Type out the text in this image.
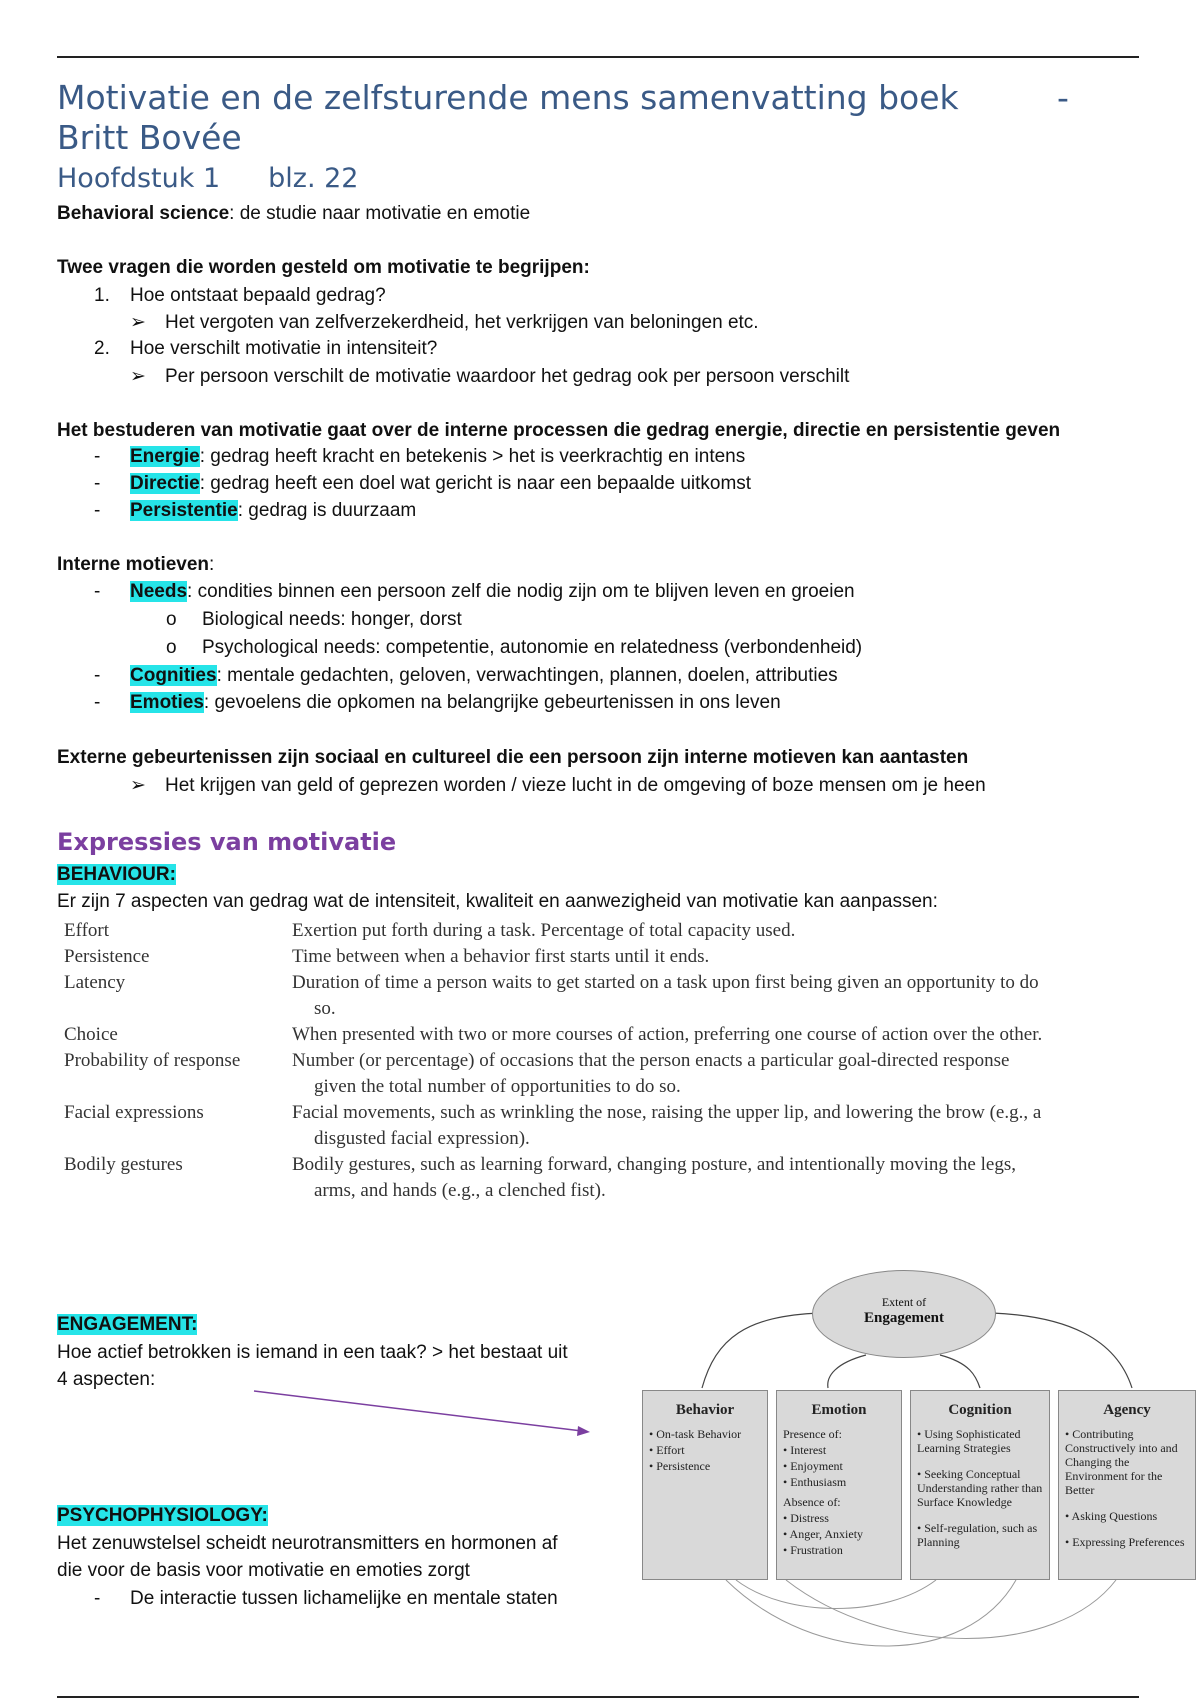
Motivatie en de zelfsturende mens samenvatting boek	-

Britt Bovée
Hoofdstuk 1 blz. 22
Behavioral science: de studie naar motivatie en emotie
Twee vragen die worden gesteld om motivatie te begrijpen:
1. Hoe ontstaat bepaald gedrag?
➢ Het vergoten van zelfverzekerdheid, het verkrijgen van beloningen etc.
2. Hoe verschilt motivatie in intensiteit?
➢ Per persoon verschilt de motivatie waardoor het gedrag ook per persoon verschilt
Het bestuderen van motivatie gaat over de interne processen die gedrag energie, directie en persistentie geven
- Energie: gedrag heeft kracht en betekenis > het is veerkrachtig en intens
- Directie: gedrag heeft een doel wat gericht is naar een bepaalde uitkomst
- Persistentie: gedrag is duurzaam
Interne motieven:
- Needs: condities binnen een persoon zelf die nodig zijn om te blijven leven en groeien
o Biological needs: honger, dorst
o Psychological needs: competentie, autonomie en relatedness (verbondenheid)
- Cognities: mentale gedachten, geloven, verwachtingen, plannen, doelen, attributies
- Emoties: gevoelens die opkomen na belangrijke gebeurtenissen in ons leven
Externe gebeurtenissen zijn sociaal en cultureel die een persoon zijn interne motieven kan aantasten
➢ Het krijgen van geld of geprezen worden / vieze lucht in de omgeving of boze mensen om je heen
Expressies van motivatie
BEHAVIOUR:
Er zijn 7 aspecten van gedrag wat de intensiteit, kwaliteit en aanwezigheid van motivatie kan aanpassen:
Effort	Exertion put forth during a task. Percentage of total capacity used.
Persistence	Time between when a behavior first starts until it ends.
Latency	Duration of time a person waits to get started on a task upon first being given an opportunity to do so.
Choice	When presented with two or more courses of action, preferring one course of action over the other.
Probability of response	Number (or percentage) of occasions that the person enacts a particular goal-directed response given the total number of opportunities to do so.
Facial expressions	Facial movements, such as wrinkling the nose, raising the upper lip, and lowering the brow (e.g., a disgusted facial expression).
Bodily gestures	Bodily gestures, such as learning forward, changing posture, and intentionally moving the legs, arms, and hands (e.g., a clenched fist).
ENGAGEMENT:
Hoe actief betrokken is iemand in een taak? > het bestaat uit
4 aspecten:
PSYCHOPHYSIOLOGY:
Het zenuwstelsel scheidt neurotransmitters en hormonen af
die voor de basis voor motivatie en emoties zorgt
- De interactie tussen lichamelijke en mentale staten
Extent of
Engagement
Behavior
• On-task Behavior
• Effort
• Persistence
Emotion
Presence of:
• Interest
• Enjoyment
• Enthusiasm
Absence of:
• Distress
• Anger, Anxiety
• Frustration
Cognition
• Using Sophisticated Learning Strategies
• Seeking Conceptual Understanding rather than Surface Knowledge
• Self-regulation, such as Planning
Agency
• Contributing Constructively into and Changing the Environment for the Better
• Asking Questions
• Expressing Preferences
